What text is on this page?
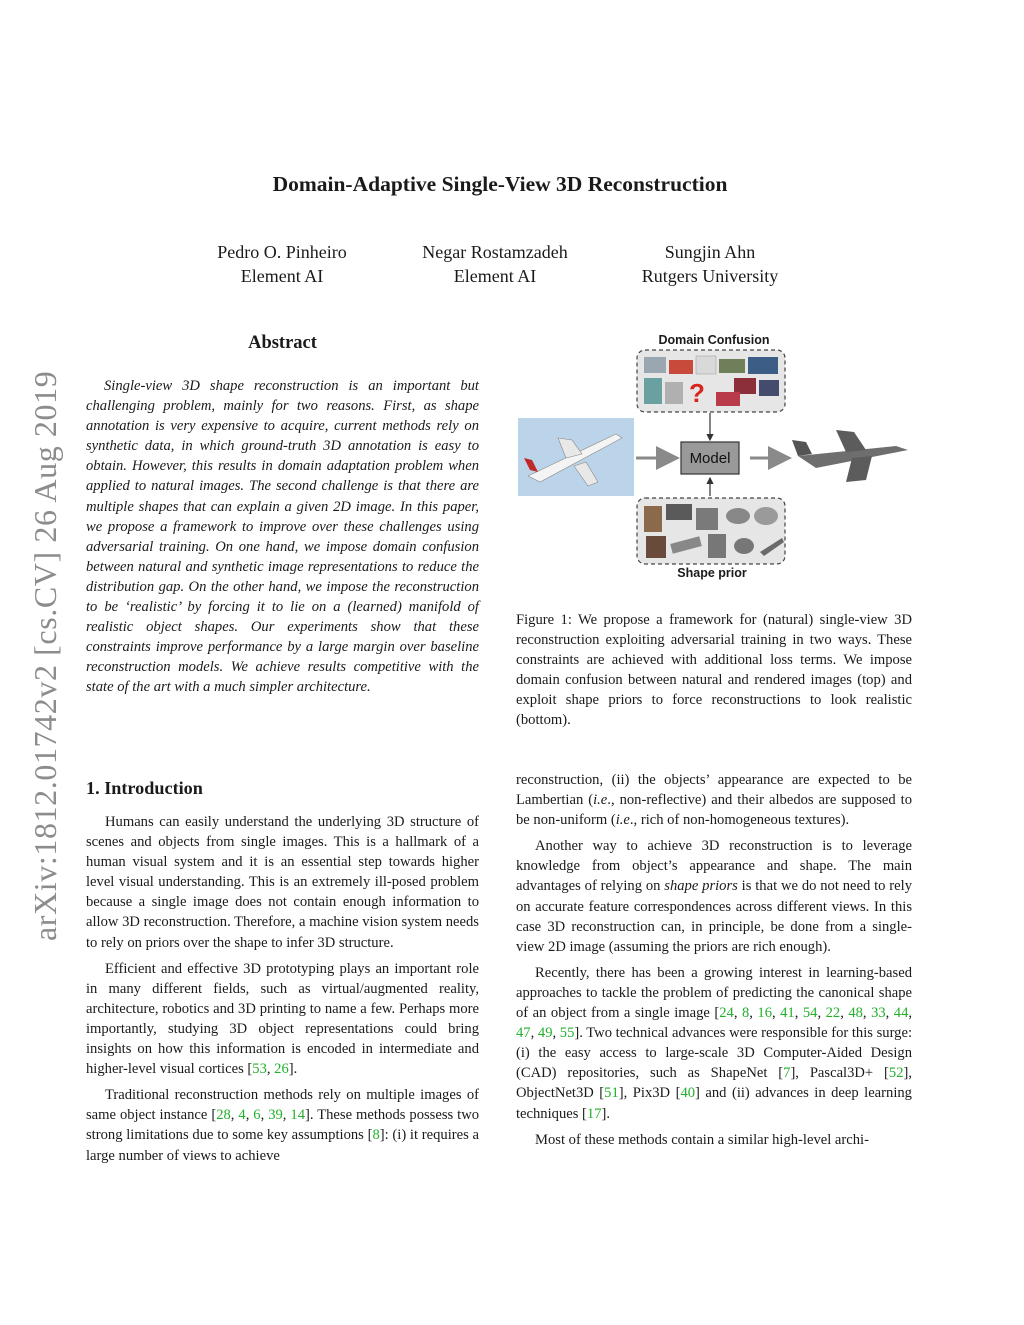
arXiv:1812.01742v2 [cs.CV] 26 Aug 2019
Domain-Adaptive Single-View 3D Reconstruction
Pedro O. Pinheiro
Element AI
Negar Rostamzadeh
Element AI
Sungjin Ahn
Rutgers University
Abstract
Single-view 3D shape reconstruction is an important but challenging problem, mainly for two reasons. First, as shape annotation is very expensive to acquire, current methods rely on synthetic data, in which ground-truth 3D annotation is easy to obtain. However, this results in domain adaptation problem when applied to natural images. The second challenge is that there are multiple shapes that can explain a given 2D image. In this paper, we propose a framework to improve over these challenges using adversarial training. On one hand, we impose domain confusion between natural and synthetic image representations to reduce the distribution gap. On the other hand, we impose the reconstruction to be ‘realistic’ by forcing it to lie on a (learned) manifold of realistic object shapes. Our experiments show that these constraints improve performance by a large margin over baseline reconstruction models. We achieve results competitive with the state of the art with a much simpler architecture.
Domain Confusion
?
Model
Shape prior
Figure 1: We propose a framework for (natural) single-view 3D reconstruction exploiting adversarial training in two ways. These constraints are achieved with additional loss terms. We impose domain confusion between natural and rendered images (top) and exploit shape priors to force reconstructions to look realistic (bottom).
1. Introduction

Humans can easily understand the underlying 3D structure of scenes and objects from single images. This is a hallmark of a human visual system and it is an essential step towards higher level visual understanding. This is an extremely ill-posed problem because a single image does not contain enough information to allow 3D reconstruction. Therefore, a machine vision system needs to rely on priors over the shape to infer 3D structure.

Efficient and effective 3D prototyping plays an important role in many different fields, such as virtual/augmented reality, architecture, robotics and 3D printing to name a few. Perhaps more importantly, studying 3D object representations could bring insights on how this information is encoded in intermediate and higher-level visual cortices [53, 26].

Traditional reconstruction methods rely on multiple images of same object instance [28, 4, 6, 39, 14]. These methods possess two strong limitations due to some key assumptions [8]: (i) it requires a large number of views to achieve

reconstruction, (ii) the objects’ appearance are expected to be Lambertian (i.e., non-reflective) and their albedos are supposed to be non-uniform (i.e., rich of non-homogeneous textures).

Another way to achieve 3D reconstruction is to leverage knowledge from object’s appearance and shape. The main advantages of relying on shape priors is that we do not need to rely on accurate feature correspondences across different views. In this case 3D reconstruction can, in principle, be done from a single-view 2D image (assuming the priors are rich enough).

Recently, there has been a growing interest in learning-based approaches to tackle the problem of predicting the canonical shape of an object from a single image [24, 8, 16, 41, 54, 22, 48, 33, 44, 47, 49, 55]. Two technical advances were responsible for this surge: (i) the easy access to large-scale 3D Computer-Aided Design (CAD) repositories, such as ShapeNet [7], Pascal3D+ [52], ObjectNet3D [51], Pix3D [40] and (ii) advances in deep learning techniques [17].

Most of these methods contain a similar high-level archi-
